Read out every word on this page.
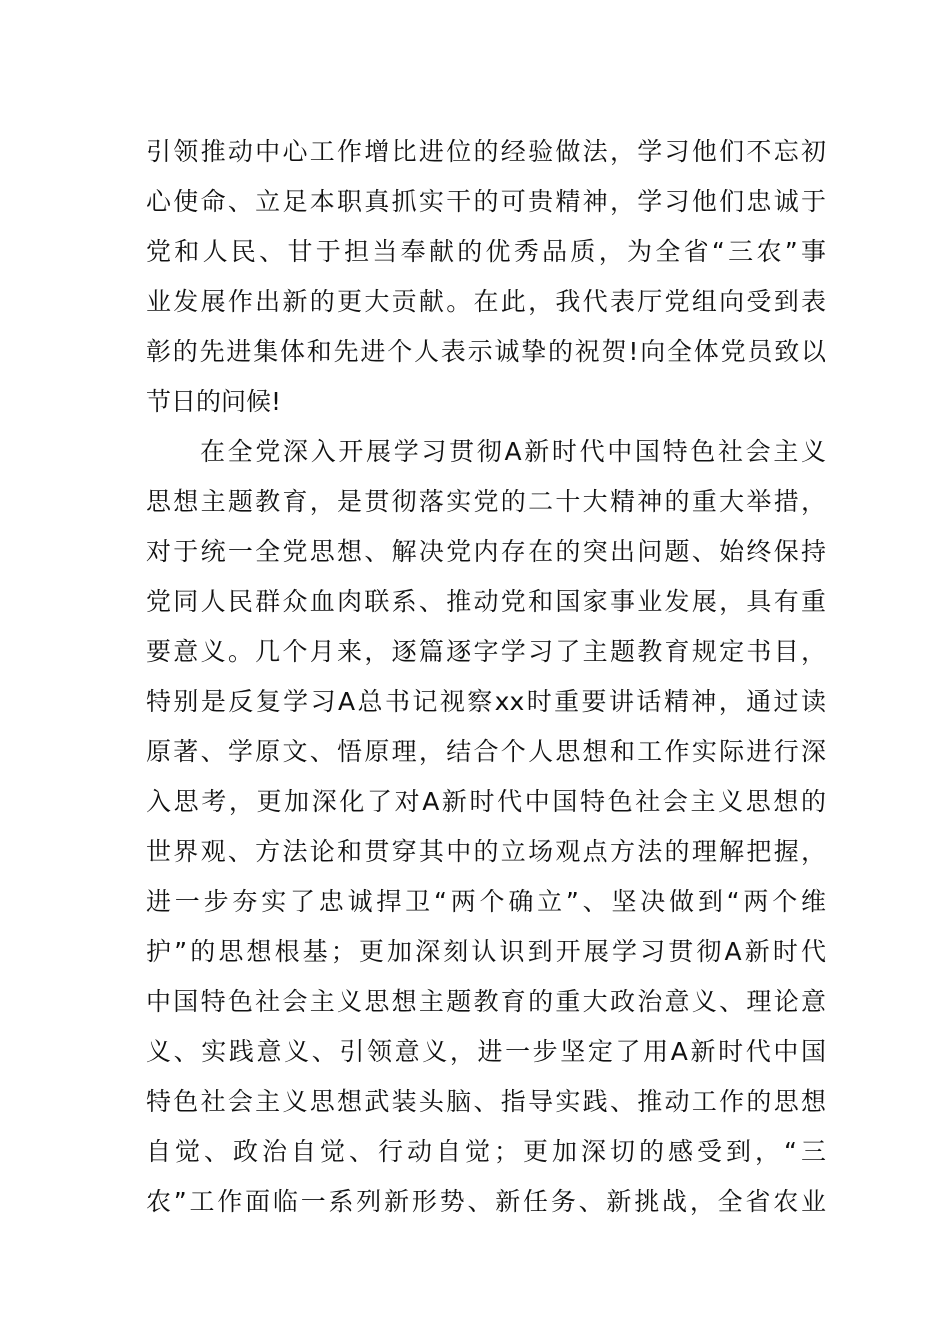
引领推动中心工作增比进位的经验做法，学习他们不忘初
心使命、立足本职真抓实干的可贵精神，学习他们忠诚于
党和人民、甘于担当奉献的优秀品质，为全省“三农”事
业发展作出新的更大贡献。在此，我代表厅党组向受到表
彰的先进集体和先进个人表示诚挚的祝贺!向全体党员致以
节日的问候!
在全党深入开展学习贯彻A新时代中国特色社会主义
思想主题教育，是贯彻落实党的二十大精神的重大举措，
对于统一全党思想、解决党内存在的突出问题、始终保持
党同人民群众血肉联系、推动党和国家事业发展，具有重
要意义。几个月来，逐篇逐字学习了主题教育规定书目，
特别是反复学习A总书记视察xx时重要讲话精神，通过读
原著、学原文、悟原理，结合个人思想和工作实际进行深
入思考，更加深化了对A新时代中国特色社会主义思想的
世界观、方法论和贯穿其中的立场观点方法的理解把握，
进一步夯实了忠诚捍卫“两个确立”、坚决做到“两个维
护”的思想根基；更加深刻认识到开展学习贯彻A新时代
中国特色社会主义思想主题教育的重大政治意义、理论意
义、实践意义、引领意义，进一步坚定了用A新时代中国
特色社会主义思想武装头脑、指导实践、推动工作的思想
自觉、政治自觉、行动自觉；更加深切的感受到，“三
农”工作面临一系列新形势、新任务、新挑战，全省农业
